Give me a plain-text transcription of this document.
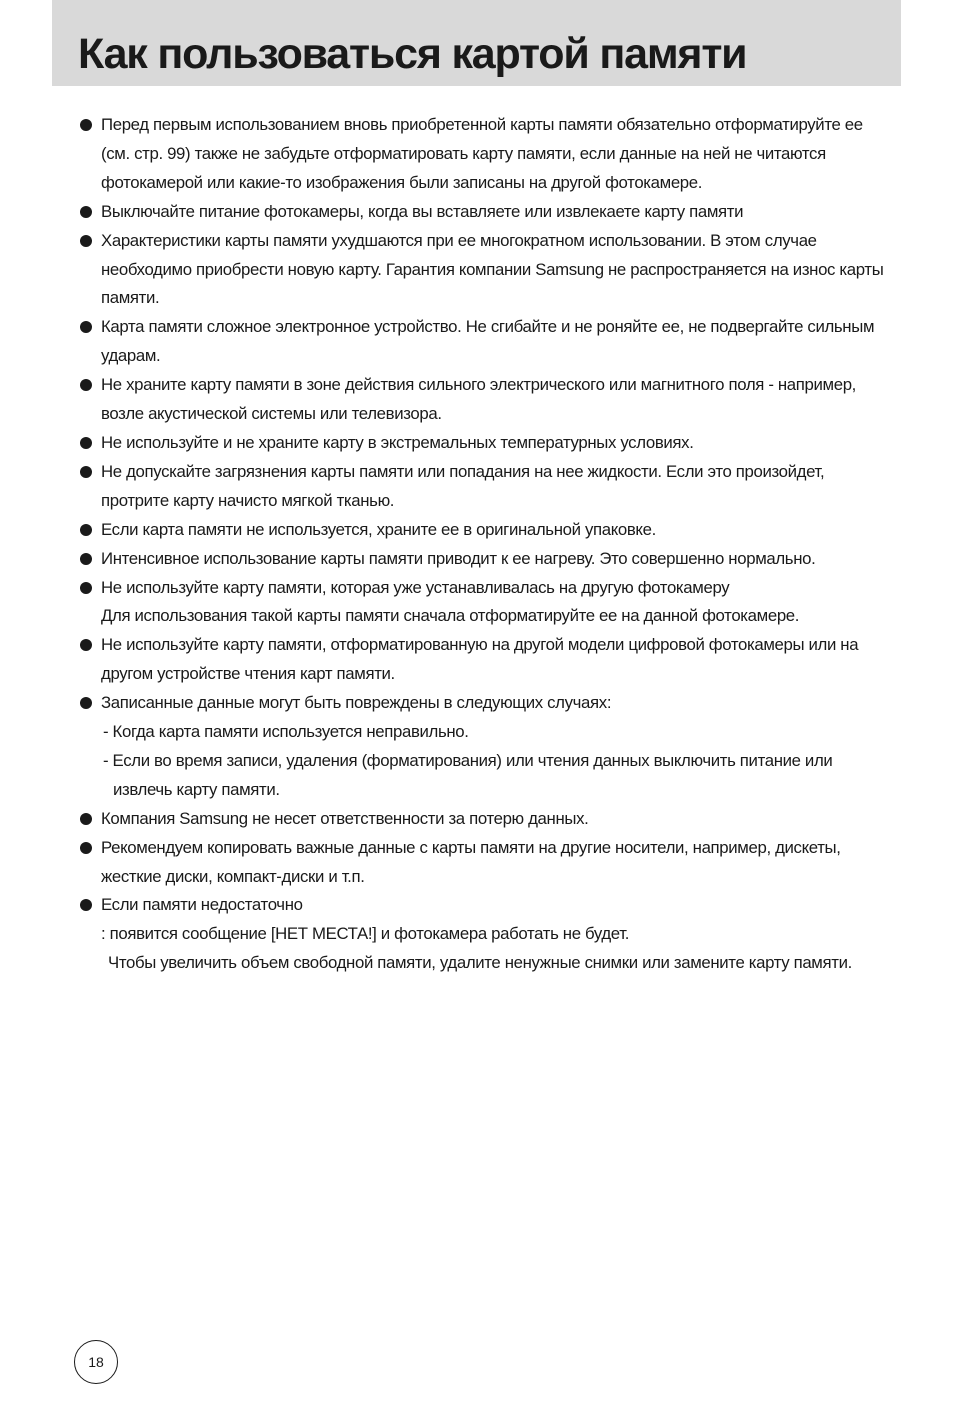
Как пользоваться картой памяти
Перед первым использованием вновь приобретенной карты памяти обязательно отформатируйте ее
(см. стр. 99) также не забудьте отформатировать карту памяти, если данные на ней не читаются
фотокамерой или какие-то изображения были записаны на другой фотокамере.
Выключайте питание фотокамеры, когда вы вставляете или извлекаете карту памяти
Характеристики карты памяти ухудшаются при ее многократном использовании. В этом случае
необходимо приобрести новую карту. Гарантия компании Samsung не распространяется на износ карты
памяти.
Карта памяти сложное электронное устройство. Не сгибайте и не роняйте ее, не подвергайте сильным
ударам.
Не храните карту памяти в зоне действия сильного электрического или магнитного поля - например,
возле акустической системы или телевизора.
Не используйте и не храните карту в экстремальных температурных условиях.
Не допускайте загрязнения карты памяти или попадания на нее жидкости. Если это произойдет,
протрите карту начисто мягкой тканью.
Если карта памяти не используется, храните ее в оригинальной упаковке.
Интенсивное использование карты памяти приводит к ее нагреву. Это совершенно нормально.
Не используйте карту памяти, которая уже устанавливалась на другую фотокамеру
Для использования такой карты памяти сначала отформатируйте ее на данной фотокамере.
Не используйте карту памяти, отформатированную на другой модели цифровой фотокамеры или на
другом устройстве чтения карт памяти.
Записанные данные могут быть повреждены в следующих случаях:
- Когда карта памяти используется неправильно.
- Если во время записи, удаления (форматирования) или чтения данных выключить питание или
извлечь карту памяти.
Компания Samsung не несет ответственности за потерю данных.
Рекомендуем копировать важные данные с карты памяти на другие носители, например, дискеты,
жесткие диски, компакт-диски и т.п.
Если памяти недостаточно
: появится сообщение [НЕТ МЕСТА!] и фотокамера работать не будет.
Чтобы увеличить объем свободной памяти, удалите ненужные снимки или замените карту памяти.
18
